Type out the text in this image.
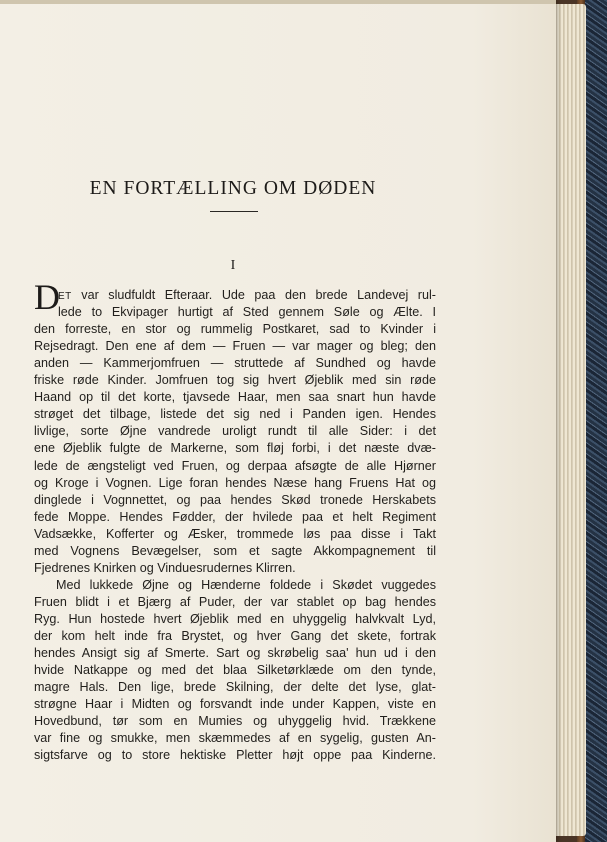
EN FORTÆLLING OM DØDEN
I
D
ET var sludfuldt Efteraar. Ude paa den brede Landevej rul-
lede to Ekvipager hurtigt af Sted gennem Søle og Ælte. I
den forreste, en stor og rummelig Postkaret, sad to Kvinder i
Rejsedragt. Den ene af dem — Fruen — var mager og bleg; den
anden — Kammerjomfruen — struttede af Sundhed og havde
friske røde Kinder. Jomfruen tog sig hvert Øjeblik med sin røde
Haand op til det korte, tjavsede Haar, men saa snart hun havde
strøget det tilbage, listede det sig ned i Panden igen. Hendes
livlige, sorte Øjne vandrede uroligt rundt til alle Sider: i det
ene Øjeblik fulgte de Markerne, som fløj forbi, i det næste dvæ-
lede de ængsteligt ved Fruen, og derpaa afsøgte de alle Hjørner
og Kroge i Vognen. Lige foran hendes Næse hang Fruens Hat og
dinglede i Vognnettet, og paa hendes Skød tronede Herskabets
fede Moppe. Hendes Fødder, der hvilede paa et helt Regiment
Vadsække, Kofferter og Æsker, trommede løs paa disse i Takt
med Vognens Bevægelser, som et sagte Akkompagnement til
Fjedrenes Knirken og Vinduesrudernes Klirren.
Med lukkede Øjne og Hænderne foldede i Skødet vuggedes
Fruen blidt i et Bjærg af Puder, der var stablet op bag hendes
Ryg. Hun hostede hvert Øjeblik med en uhyggelig halvkvalt Lyd,
der kom helt inde fra Brystet, og hver Gang det skete, fortrak
hendes Ansigt sig af Smerte. Sart og skrøbelig saa' hun ud i den
hvide Natkappe og med det blaa Silketørklæde om den tynde,
magre Hals. Den lige, brede Skilning, der delte det lyse, glat-
strøgne Haar i Midten og forsvandt inde under Kappen, viste en
Hovedbund, tør som en Mumies og uhyggelig hvid. Trækkene
var fine og smukke, men skæmmedes af en sygelig, gusten An-
sigtsfarve og to store hektiske Pletter højt oppe paa Kinderne.
